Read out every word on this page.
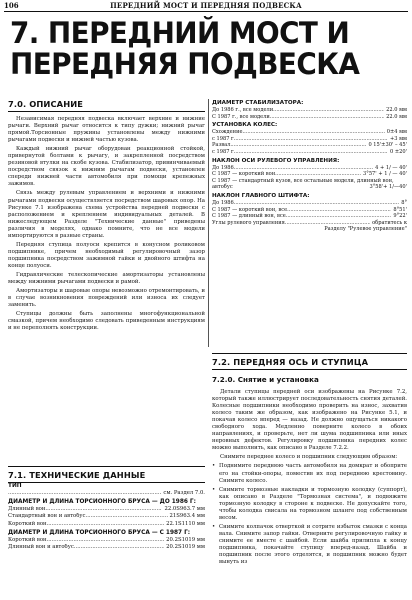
106	ПЕРЕДНИЙ МОСТ И ПЕРЕДНЯЯ ПОДВЕСКА
7. ПЕРЕДНИЙ МОСТ И
ПЕРЕДНЯЯ ПОДВЕСКА
7.0. ОПИСАНИЕ

Независимая передняя подвеска включает верхние и нижние рычаги. Верхний рычаг относится к типу дужки; нижний рычаг прямой.Торсионные пружины установлены между нижними рычагами подвески и нижней частью кузова.

Каждый нижний рычаг оборудован реакционной стойкой, привернутой болтами к рычагу, и закрепленной посредством резиновой втулки на скобе кузова. Стабилизатор, привинчиваемый посредством связок к нижним рычагам подвески, установлен спереди нижней части автомобиля при помощи крепежных зажимов.

Связь между рулевым управлением и верхними и нижними рычагами подвески осуществляется посредством шаровых опор. На Рисунке 7.1 изображена схема устройства передней подвески с расположением и креплением индивидуальных деталей. В нижеследующем Разделе "Технические данные" приведены различия в моделях, однако помните, что не все модели импортируются в разные страны.

Передняя ступица полуоси крепится в конусном роликовом подшипнике, причем необходимый регулировочный зазор подшипника посредством зажимной гайки и двойного штифта на конце полуоси.

Гидравлические телескопические амортизаторы установлены между нижними рычагами подвески и рамой.

Амортизаторы и шаровые опоры невозможно отремонтировать, и в случае возникновения повреждений или износа их следует заменить.

Ступицы должны быть заполнены многофункциональной смазкой, причем необходимо следовать приведенным инструкциям и не переполнять конструкции.

ДИАМЕТР СТАБИЛИЗАТОРА:
До 1986 г., все модели .....	22.0 мм
С 1987 г., все модели .....	22.0 мм
УСТАНОВКА КОЛЕС:
Схождение .....	0±4 мм
с 1987 г. .....	+3 мм
Развал .....	0 15'±30' – 45'
с 1987 г. .....	0 ±20'
НАКЛОН ОСИ РУЛЕВОГО УПРАВЛЕНИЯ:
До 1986 .....	4 + 1/ — 40'
С 1987 — короткий вон .....	3°57' + 1 / — 40'
С 1987 — стандартный кузов, все остальные модели, длинный вон, автобус	3°58'+ 1/—40'
НАКЛОН ГЛАВНОГО ШТИФТА:
До 1986 .....	8°
С 1987 — короткий вон, все .....	8°51'
С 1987 — длинный вон, все .....	9°22'
Углы рулевого управления .....	обратитесь к
Разделу "Рулевое управление"
7.1. ТЕХНИЧЕСКИЕ ДАННЫЕ
ТИП
.....
см. Раздел 7.0.
ДИАМЕТР И ДЛИНА ТОРСИОННОГО БРУСА — ДО 1986 Г:
Длинный вон .....	22.0S963.7 мм
Стандартный вон и автобус .....	21S963.4 мм
Короткий вон .....	22.1S1110 мм
ДИАМЕТР И ДЛИНА ТОРСИОННОГО БРУСА — С 1987 Г:
Короткий вон .....	20.2S1019 мм
Длинный вон и автобус .....	20.2S1019 мм
7.2. ПЕРЕДНЯЯ ОСЬ И СТУПИЦА
7.2.0. Снятие и установка

Детали ступицы передней оси изображены на Рисунке 7.2, который также иллюстрирует последовательность снятия деталей. Колесные подшипники необходимо проверить на износ, захватив колесо таким же образом, как изображено на Рисунке 5.1, и покачав колесо вперед — назад. Не должно ощущаться никакого свободного хода. Медленно поверните колесо в обоих направлениях, и проверьте, нет ли шума подшипника или иных неровных дефектов. Регулировку подшипника передних колес можно выполнить, как описано в Разделе 7.2.2.

Снимите переднее колесо и подшипник следующим образом:

• Поднимите переднюю часть автомобиля на домкрат и обоприте его на стойки-опоры, поместив их под переднюю крестовину. Снимите колесо.
• Снимите тормозные накладки и тормозную колодку (суппорт), как описано в Разделе "Тормозная система", и подвяжите тормозную колодку в стороне к подвеске. Не допускайте того, чтобы колодка свисала на тормозном шланге под собственным весом.
• Снимите колпачок отверткой и сотрите избыток смазки с конца вала. Снимите запор гайки. Отверните регулировочную гайку и снимите ее вместе с шайбой. Если шайба прилипла к концу подшипника, покачайте ступицу вперед-назад. Шайба и подшипник после этого отделятся, и подшипник можно будет вынуть из
